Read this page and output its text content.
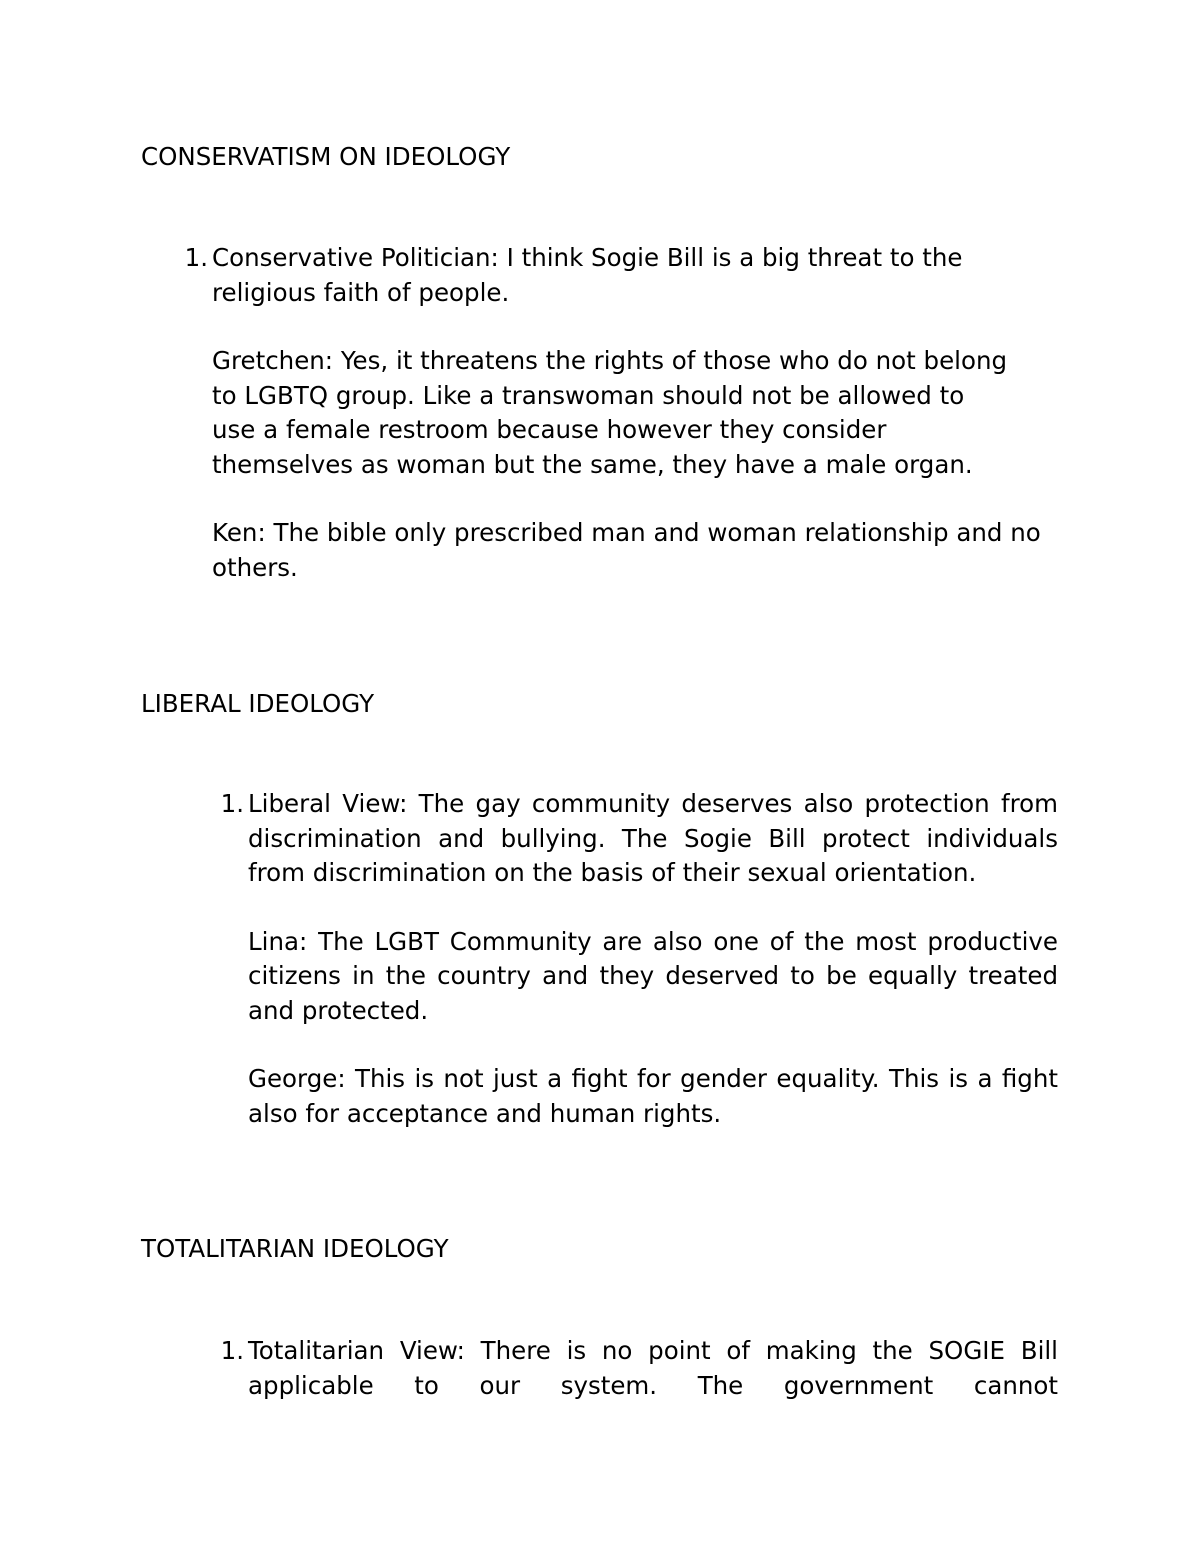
CONSERVATISM ON IDEOLOGY
1. Conservative Politician: I think Sogie Bill is a big threat to the religious faith of people.

Gretchen: Yes, it threatens the rights of those who do not belong to LGBTQ group. Like a transwoman should not be allowed to use a female restroom because however they consider themselves as woman but the same, they have a male organ.

Ken: The bible only prescribed man and woman relationship and no others.

LIBERAL IDEOLOGY
1. Liberal View: The gay community deserves also protection from discrimination and bullying. The Sogie Bill protect individuals from discrimination on the basis of their sexual orientation.

Lina: The LGBT Community are also one of the most productive citizens in the country and they deserved to be equally treated and protected.

George: This is not just a fight for gender equality. This is a fight also for acceptance and human rights.

TOTALITARIAN IDEOLOGY
1. Totalitarian View: There is no point of making the SOGIE Bill applicable to our system. The government cannot
